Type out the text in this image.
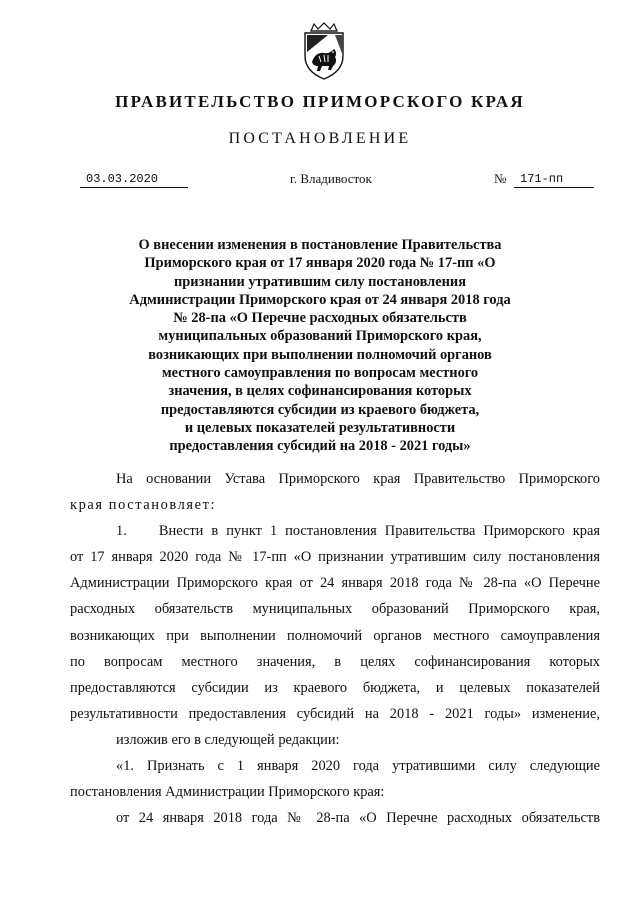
ПРАВИТЕЛЬСТВО ПРИМОРСКОГО КРАЯ
ПОСТАНОВЛЕНИЕ
03.03.2020	г. Владивосток	№	171-пп
О внесении изменения в постановление Правительства
Приморского края от 17 января 2020 года № 17-пп «О
признании утратившим силу постановления
Администрации Приморского края от 24 января 2018 года
№ 28-па «О Перечне расходных обязательств
муниципальных образований Приморского края,
возникающих при выполнении полномочий органов
местного самоуправления по вопросам местного
значения, в целях софинансирования которых
предоставляются субсидии из краевого бюджета,
и целевых показателей результативности
предоставления субсидий на 2018 - 2021 годы»
На основании Устава Приморского края Правительство Приморского
края постановляет:
1.    Внести в пункт 1 постановления Правительства Приморского края
от 17 января 2020 года № 17-пп «О признании утратившим силу постановления
Администрации Приморского края от 24 января 2018 года № 28-па «О Перечне
расходных обязательств муниципальных образований Приморского края,
возникающих при выполнении полномочий органов местного самоуправления
по вопросам местного значения, в целях софинансирования которых
предоставляются субсидии из краевого бюджета, и целевых показателей
результативности предоставления субсидий на 2018 - 2021 годы» изменение,
изложив его в следующей редакции:
«1. Признать с 1 января 2020 года утратившими силу следующие
постановления Администрации Приморского края:
от 24 января 2018 года № 28-па «О Перечне расходных обязательств
